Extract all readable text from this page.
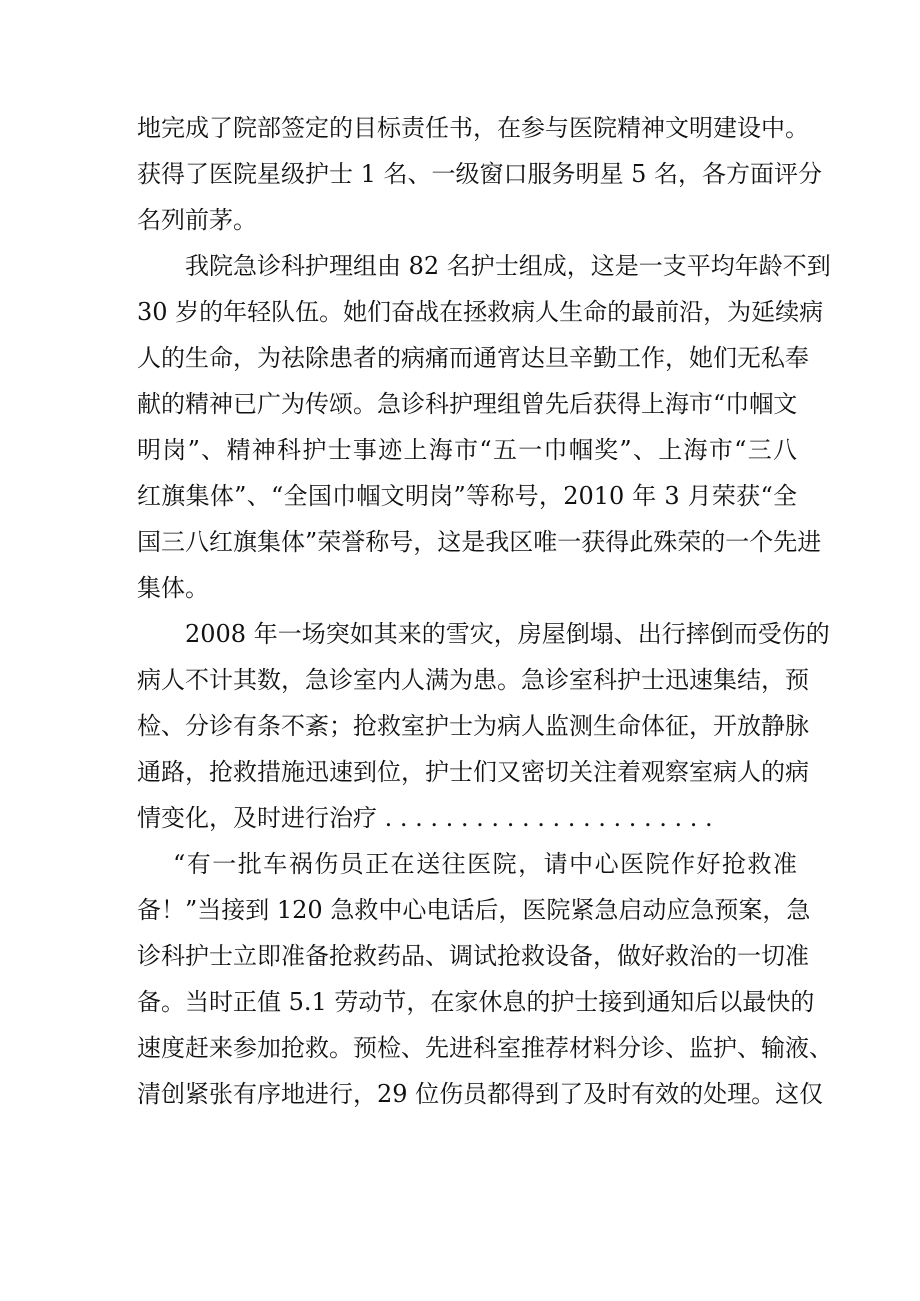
地完成了院部签定的目标责任书，在参与医院精神文明建设中。
获得了医院星级护士 1 名、一级窗口服务明星 5 名，各方面评分
名列前茅。
我院急诊科护理组由 82 名护士组成，这是一支平均年龄不到
30 岁的年轻队伍。她们奋战在拯救病人生命的最前沿，为延续病
人的生命，为祛除患者的病痛而通宵达旦辛勤工作，她们无私奉
献的精神已广为传颂。急诊科护理组曾先后获得上海市“巾帼文
明岗”、精神科护士事迹上海市“五一巾帼奖”、上海市“三八
红旗集体”、“全国巾帼文明岗”等称号，2010 年 3 月荣获“全
国三八红旗集体”荣誉称号，这是我区唯一获得此殊荣的一个先进
集体。
2008 年一场突如其来的雪灾，房屋倒塌、出行摔倒而受伤的
病人不计其数，急诊室内人满为患。急诊室科护士迅速集结，预
检、分诊有条不紊；抢救室护士为病人监测生命体征，开放静脉
通路，抢救措施迅速到位，护士们又密切关注着观察室病人的病
情变化，及时进行治疗 . . . . . . . . . . . . . . . . . . . . . .
“有一批车祸伤员正在送往医院，请中心医院作好抢救准
备！”当接到 120 急救中心电话后，医院紧急启动应急预案，急
诊科护士立即准备抢救药品、调试抢救设备，做好救治的一切准
备。当时正值 5.1 劳动节，在家休息的护士接到通知后以最快的
速度赶来参加抢救。预检、先进科室推荐材料分诊、监护、输液、
清创紧张有序地进行，29 位伤员都得到了及时有效的处理。这仅
